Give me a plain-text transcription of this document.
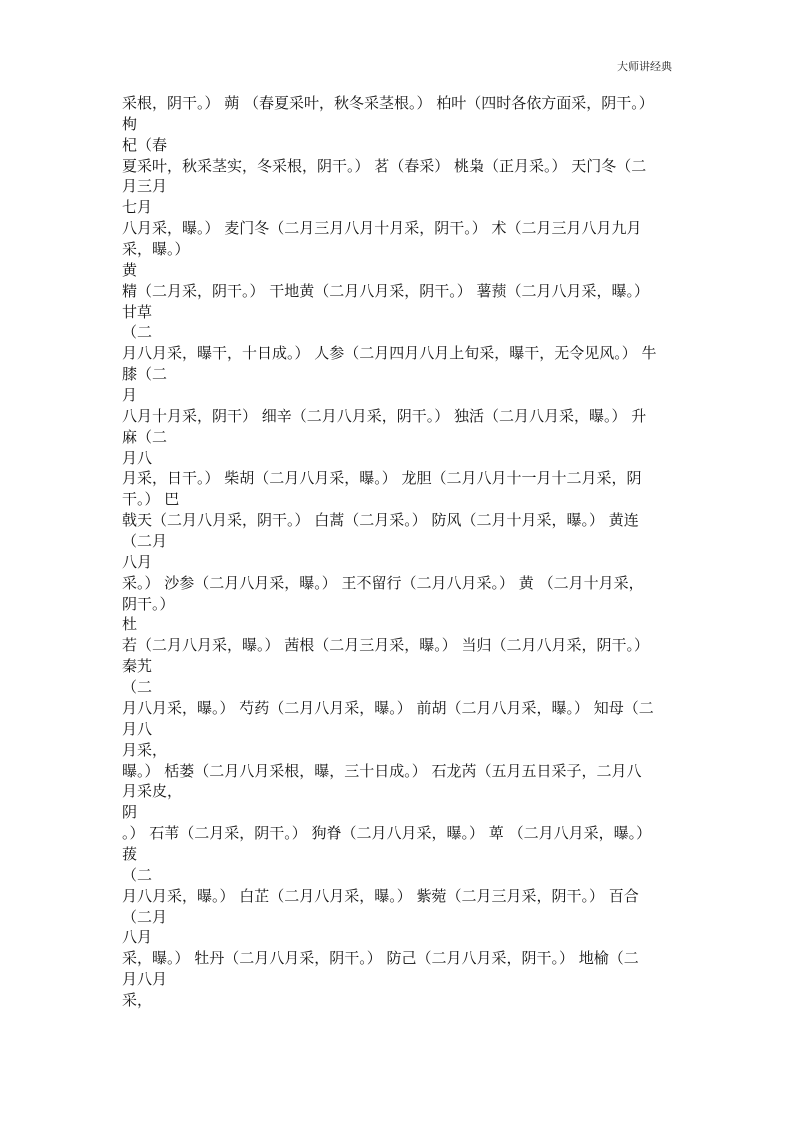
大师讲经典
采根，阴干。） 蒴 （春夏采叶，秋冬采茎根。） 柏叶（四时各依方面采，阴干。）
枸
杞（春
夏采叶，秋采茎实，冬采根，阴干。） 茗（春采） 桃枭（正月采。） 天门冬（二
月三月
七月
八月采，曝。） 麦门冬（二月三月八月十月采，阴干。） 术（二月三月八月九月
采，曝。）
黄
精（二月采，阴干。） 干地黄（二月八月采，阴干。） 薯蓣（二月八月采，曝。）
甘草
（二
月八月采，曝干，十日成。） 人参（二月四月八月上旬采，曝干，无令见风。） 牛
膝（二
月
八月十月采，阴干） 细辛（二月八月采，阴干。） 独活（二月八月采，曝。） 升
麻（二
月八
月采，日干。） 柴胡（二月八月采，曝。） 龙胆（二月八月十一月十二月采，阴
干。） 巴
戟天（二月八月采，阴干。） 白蒿（二月采。） 防风（二月十月采，曝。） 黄连
（二月
八月
采。） 沙参（二月八月采，曝。） 王不留行（二月八月采。） 黄 （二月十月采，
阴干。）
杜
若（二月八月采，曝。） 茜根（二月三月采，曝。） 当归（二月八月采，阴干。）
秦艽
（二
月八月采，曝。） 芍药（二月八月采，曝。） 前胡（二月八月采，曝。） 知母（二
月八
月采，
曝。） 栝蒌（二月八月采根，曝，三十日成。） 石龙芮（五月五日采子，二月八
月采皮，
阴
。） 石苇（二月采，阴干。） 狗脊（二月八月采，曝。） 萆 （二月八月采，曝。）
菝
（二
月八月采，曝。） 白芷（二月八月采，曝。） 紫菀（二月三月采，阴干。） 百合
（二月
八月
采，曝。） 牡丹（二月八月采，阴干。） 防己（二月八月采，阴干。） 地榆（二
月八月
采，
